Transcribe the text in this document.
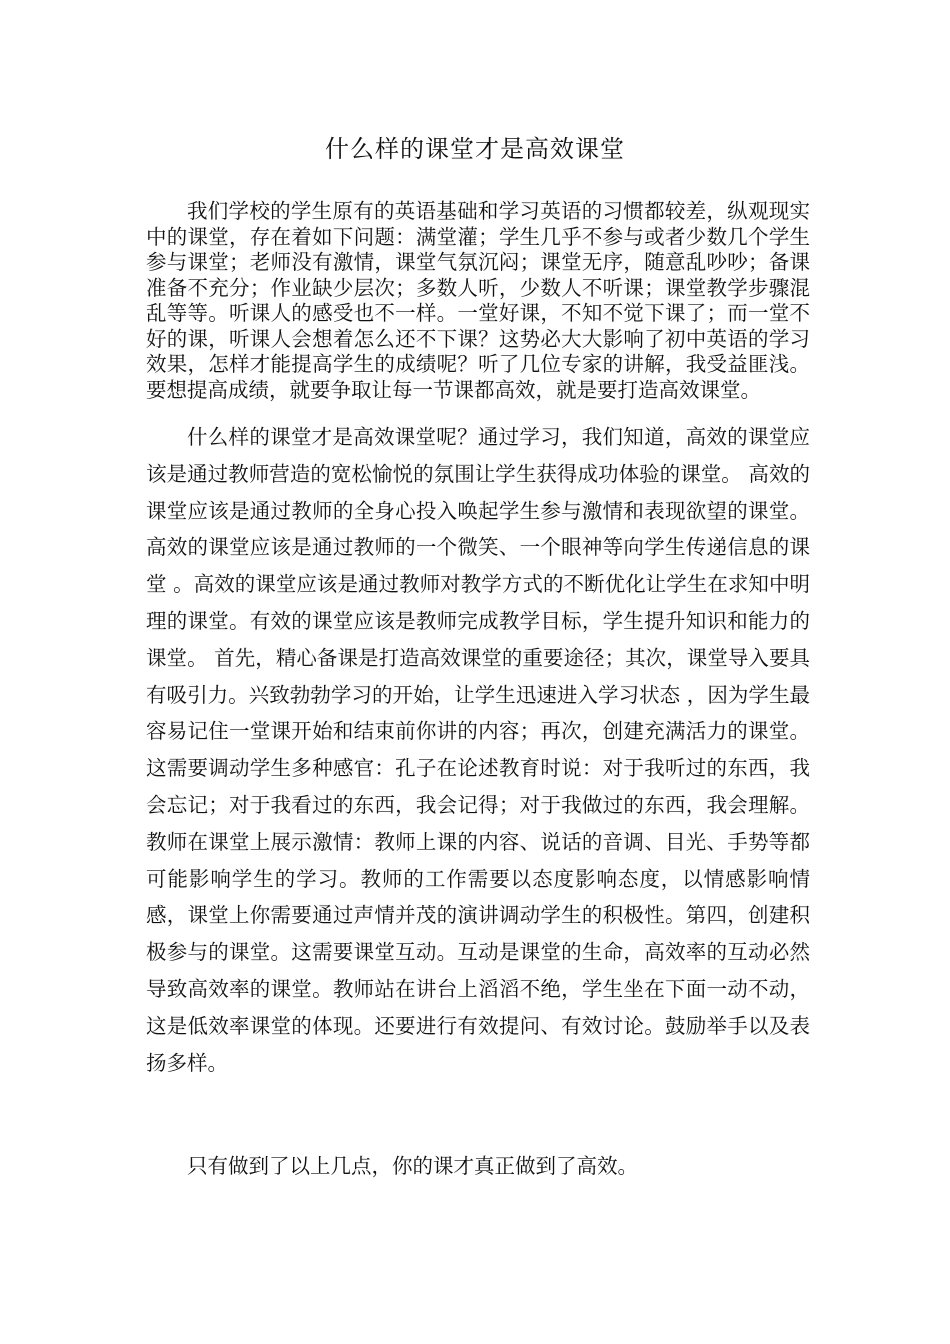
什么样的课堂才是高效课堂

我们学校的学生原有的英语基础和学习英语的习惯都较差，纵观现实中的课堂，存在着如下问题：满堂灌；学生几乎不参与或者少数几个学生参与课堂；老师没有激情，课堂气氛沉闷；课堂无序，随意乱吵吵；备课准备不充分；作业缺少层次；多数人听，少数人不听课；课堂教学步骤混乱等等。听课人的感受也不一样。一堂好课，不知不觉下课了；而一堂不好的课，听课人会想着怎么还不下课？这势必大大影响了初中英语的学习效果，怎样才能提高学生的成绩呢？听了几位专家的讲解，我受益匪浅。要想提高成绩，就要争取让每一节课都高效，就是要打造高效课堂。

什么样的课堂才是高效课堂呢？通过学习，我们知道，高效的课堂应该是通过教师营造的宽松愉悦的氛围让学生获得成功体验的课堂。 高效的课堂应该是通过教师的全身心投入唤起学生参与激情和表现欲望的课堂。 高效的课堂应该是通过教师的一个微笑、一个眼神等向学生传递信息的课堂 。高效的课堂应该是通过教师对教学方式的不断优化让学生在求知中明理的课堂。有效的课堂应该是教师完成教学目标，学生提升知识和能力的课堂。 首先，精心备课是打造高效课堂的重要途径；其次，课堂导入要具有吸引力。兴致勃勃学习的开始，让学生迅速进入学习状态 ，因为学生最容易记住一堂课开始和结束前你讲的内容；再次，创建充满活力的课堂。这需要调动学生多种感官：孔子在论述教育时说：对于我听过的东西，我会忘记；对于我看过的东西，我会记得；对于我做过的东西，我会理解。教师在课堂上展示激情：教师上课的内容、说话的音调、目光、手势等都可能影响学生的学习。教师的工作需要以态度影响态度，以情感影响情感，课堂上你需要通过声情并茂的演讲调动学生的积极性。第四，创建积极参与的课堂。这需要课堂互动。互动是课堂的生命，高效率的互动必然导致高效率的课堂。教师站在讲台上滔滔不绝，学生坐在下面一动不动，这是低效率课堂的体现。还要进行有效提问、有效讨论。鼓励举手以及表扬多样。

只有做到了以上几点，你的课才真正做到了高效。
